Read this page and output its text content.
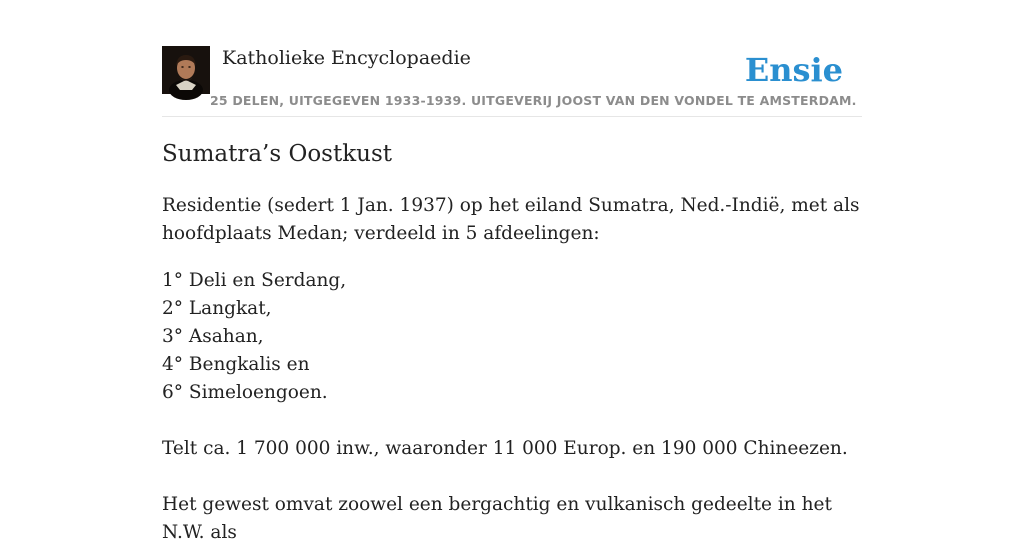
Katholieke Encyclopaedie
25 DELEN, UITGEGEVEN 1933-1939. UITGEVERIJ JOOST VAN DEN VONDEL TE AMSTERDAM.
Ensie
Sumatra’s Oostkust

Residentie (sedert 1 Jan. 1937) op het eiland Sumatra, Ned.-Indië, met als hoofdplaats Medan; verdeeld in 5 afdeelingen:

1° Deli en Serdang,

2° Langkat,

3° Asahan,

4° Bengkalis en

6° Simeloengoen.

Telt ca. 1 700 000 inw., waaronder 11 000 Europ. en 190 000 Chineezen.

Het gewest omvat zoowel een bergachtig en vulkanisch gedeelte in het N.W. als
